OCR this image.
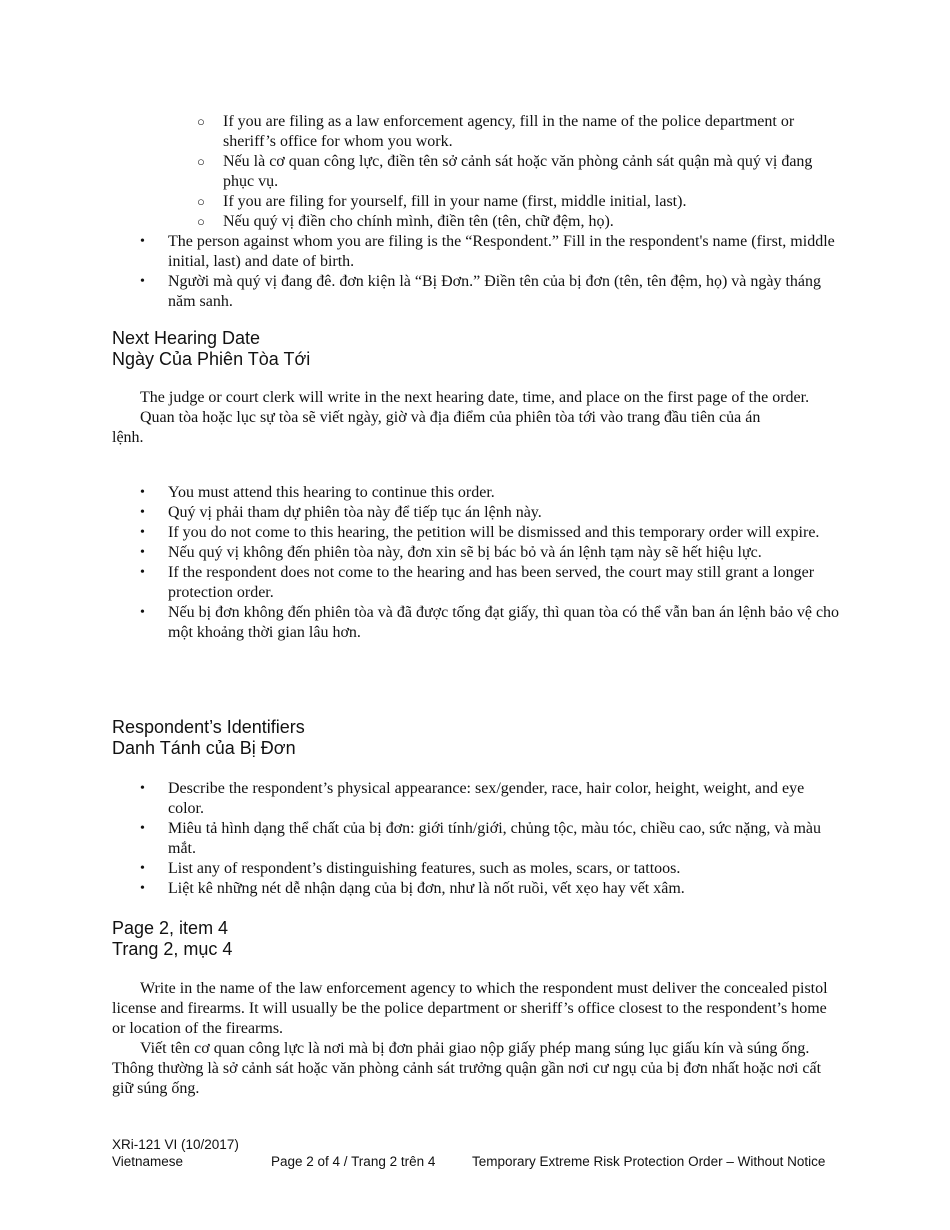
○ If you are filing as a law enforcement agency, fill in the name of the police department or sheriff’s office for whom you work.
○ Nếu là cơ quan công lực, điền tên sở cảnh sát hoặc văn phòng cảnh sát quận mà quý vị đang phục vụ.
○ If you are filing for yourself, fill in your name (first, middle initial, last).
○ Nếu quý vị điền cho chính mình, điền tên (tên, chữ đệm, họ).
• The person against whom you are filing is the “Respondent.” Fill in the respondent's name (first, middle initial, last) and date of birth.
• Người mà quý vị đang đê. đơn kiện là “Bị Đơn.” Điền tên của bị đơn (tên, tên đệm, họ) và ngày tháng năm sanh.
Next Hearing Date
Ngày Của Phiên Tòa Tới

The judge or court clerk will write in the next hearing date, time, and place on the first page of the order.

Quan tòa hoặc lục sự tòa sẽ viết ngày, giờ và địa điểm của phiên tòa tới vào trang đầu tiên của án lệnh.

• You must attend this hearing to continue this order.
• Quý vị phải tham dự phiên tòa này để tiếp tục án lệnh này.
• If you do not come to this hearing, the petition will be dismissed and this temporary order will expire.
• Nếu quý vị không đến phiên tòa này, đơn xin sẽ bị bác bỏ và án lệnh tạm này sẽ hết hiệu lực.
• If the respondent does not come to the hearing and has been served, the court may still grant a longer protection order.
• Nếu bị đơn không đến phiên tòa và đã được tống đạt giấy, thì quan tòa có thể vẫn ban án lệnh bảo vệ cho một khoảng thời gian lâu hơn.
Respondent’s Identifiers
Danh Tánh của Bị Đơn
• Describe the respondent’s physical appearance: sex/gender, race, hair color, height, weight, and eye color.
• Miêu tả hình dạng thể chất của bị đơn: giới tính/giới, chủng tộc, màu tóc, chiều cao, sức nặng, và màu mắt.
• List any of respondent’s distinguishing features, such as moles, scars, or tattoos.
• Liệt kê những nét dễ nhận dạng của bị đơn, như là nốt ruồi, vết xẹo hay vết xâm.
Page 2, item 4
Trang 2, mục 4

Write in the name of the law enforcement agency to which the respondent must deliver the concealed pistol license and firearms. It will usually be the police department or sheriff’s office closest to the respondent’s home or location of the firearms.

Viết tên cơ quan công lực là nơi mà bị đơn phải giao nộp giấy phép mang súng lục giấu kín và súng ống. Thông thường là sở cảnh sát hoặc văn phòng cảnh sát trưởng quận gần nơi cư ngụ của bị đơn nhất hoặc nơi cất giữ súng ống.

XRi-121 VI (10/2017)
Vietnamese	Page 2 of 4 / Trang 2 trên 4	Temporary Extreme Risk Protection Order – Without Notice
